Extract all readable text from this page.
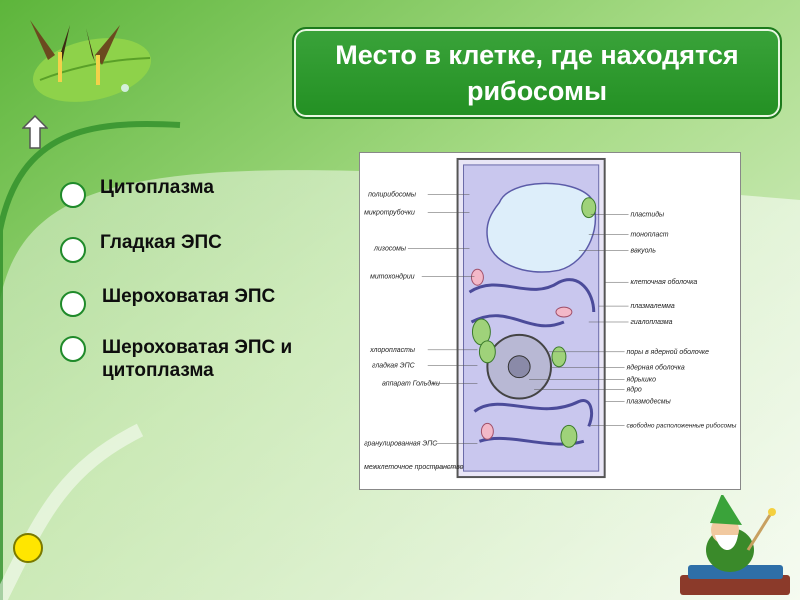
Место в клетке, где находятся рибосомы
Цитоплазма
Гладкая ЭПС
Шероховатая ЭПС
Шероховатая ЭПС и цитоплазма
полирибосомы
микротрубочки
лизосомы
митохондрии
хлоропласты
гладкая ЭПС
аппарат Гольджи
гранулированная ЭПС
межклеточное пространство
пластиды
тонопласт
вакуоль
клеточная оболочка
плазмалемма
гиалоплазма
поры в ядерной оболочке
ядерная оболочка
ядрышко
ядро
плазмодесмы
свободно расположенные рибосомы
